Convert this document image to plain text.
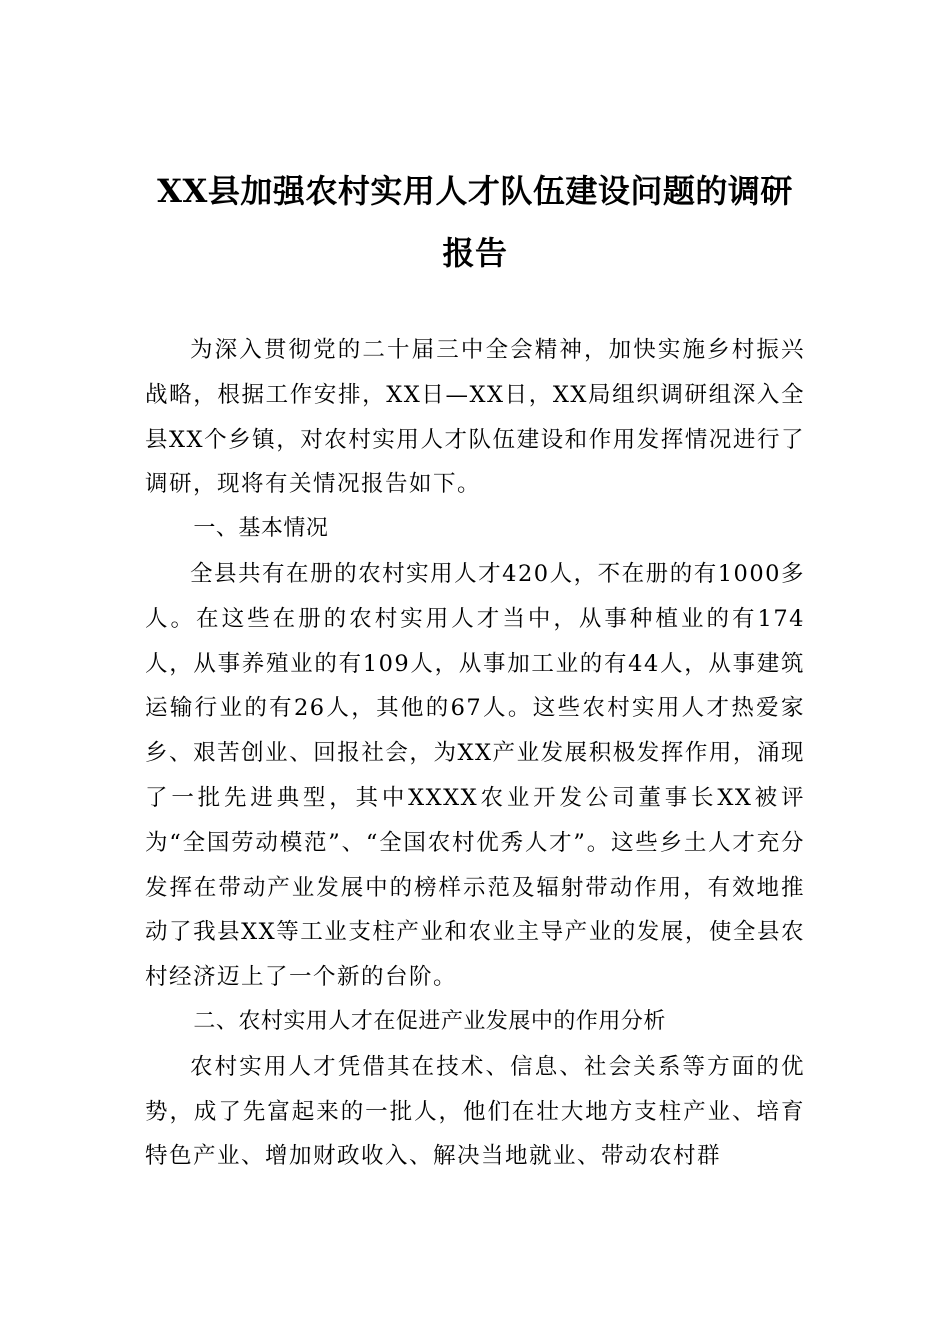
XX县加强农村实用人才队伍建设问题的调研报告

为深入贯彻党的二十届三中全会精神，加快实施乡村振兴战略，根据工作安排，XX日—XX日，XX局组织调研组深入全县XX个乡镇，对农村实用人才队伍建设和作用发挥情况进行了调研，现将有关情况报告如下。

一、基本情况

全县共有在册的农村实用人才420人，不在册的有1000多人。在这些在册的农村实用人才当中，从事种植业的有174人，从事养殖业的有109人，从事加工业的有44人，从事建筑运输行业的有26人，其他的67人。这些农村实用人才热爱家乡、艰苦创业、回报社会，为XX产业发展积极发挥作用，涌现了一批先进典型，其中XXXX农业开发公司董事长XX被评为“全国劳动模范”、“全国农村优秀人才”。这些乡土人才充分发挥在带动产业发展中的榜样示范及辐射带动作用，有效地推动了我县XX等工业支柱产业和农业主导产业的发展，使全县农村经济迈上了一个新的台阶。

二、农村实用人才在促进产业发展中的作用分析

农村实用人才凭借其在技术、信息、社会关系等方面的优势，成了先富起来的一批人，他们在壮大地方支柱产业、培育特色产业、增加财政收入、解决当地就业、带动农村群
